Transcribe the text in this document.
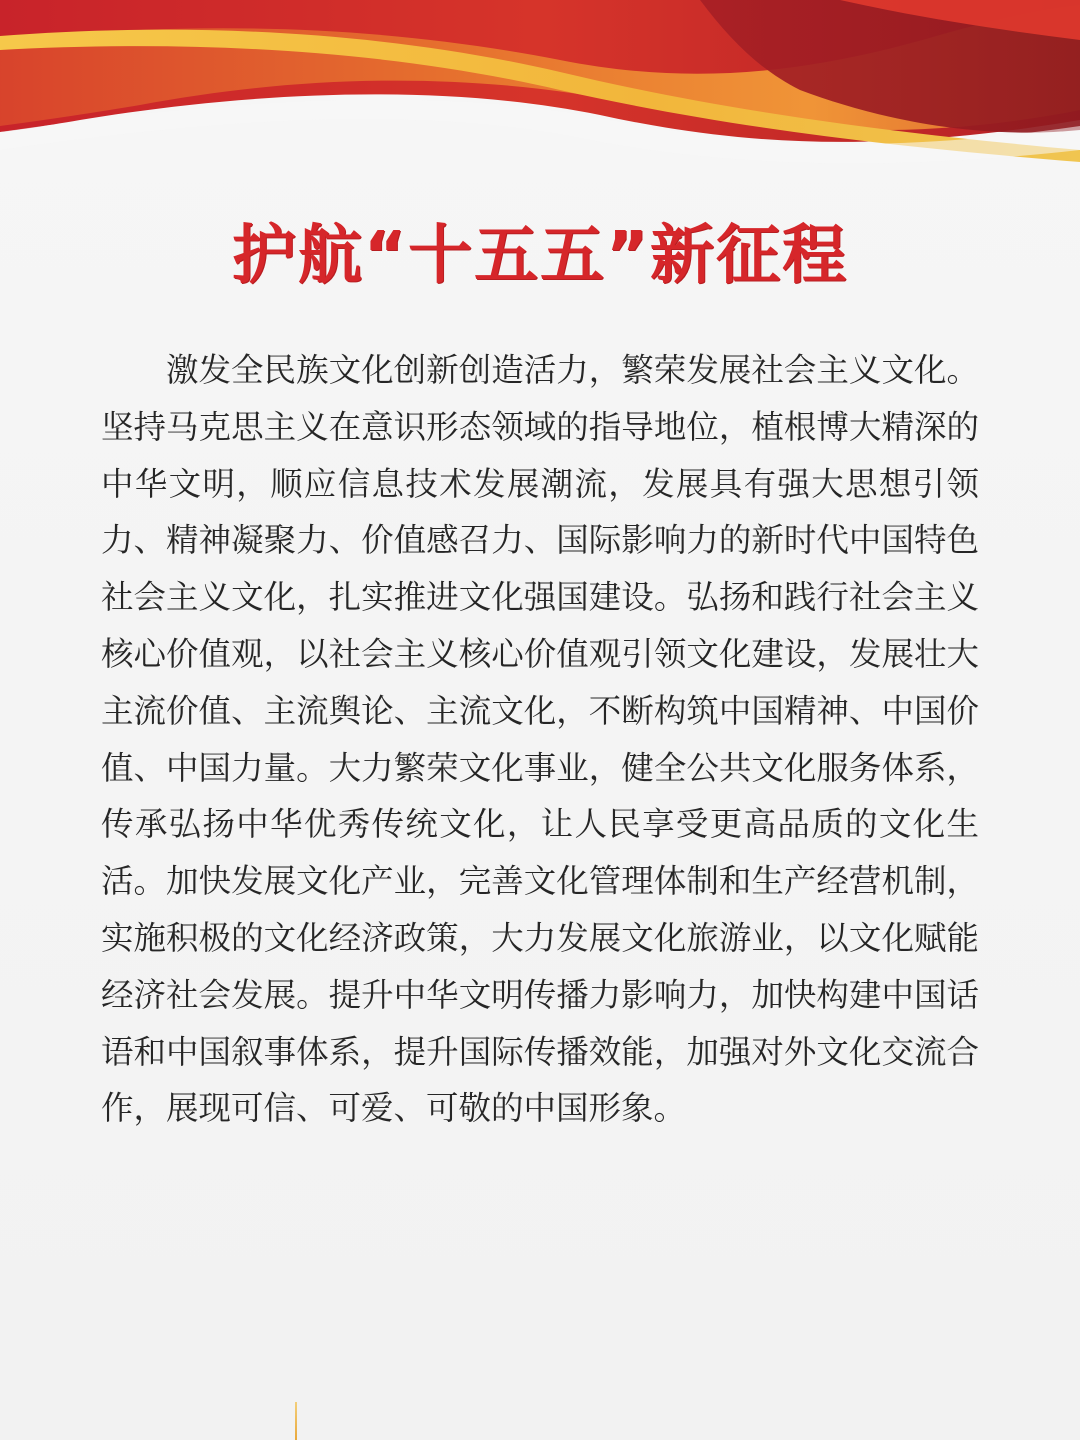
护航“十五五”新征程

激发全民族文化创新创造活力，繁荣发展社会主义文化。坚持马克思主义在意识形态领域的指导地位，植根博大精深的中华文明，顺应信息技术发展潮流，发展具有强大思想引领力、精神凝聚力、价值感召力、国际影响力的新时代中国特色社会主义文化，扎实推进文化强国建设。弘扬和践行社会主义核心价值观，以社会主义核心价值观引领文化建设，发展壮大主流价值、主流舆论、主流文化，不断构筑中国精神、中国价值、中国力量。大力繁荣文化事业，健全公共文化服务体系，传承弘扬中华优秀传统文化，让人民享受更高品质的文化生活。加快发展文化产业，完善文化管理体制和生产经营机制，实施积极的文化经济政策，大力发展文化旅游业，以文化赋能经济社会发展。提升中华文明传播力影响力，加快构建中国话语和中国叙事体系，提升国际传播效能，加强对外文化交流合作，展现可信、可爱、可敬的中国形象。
